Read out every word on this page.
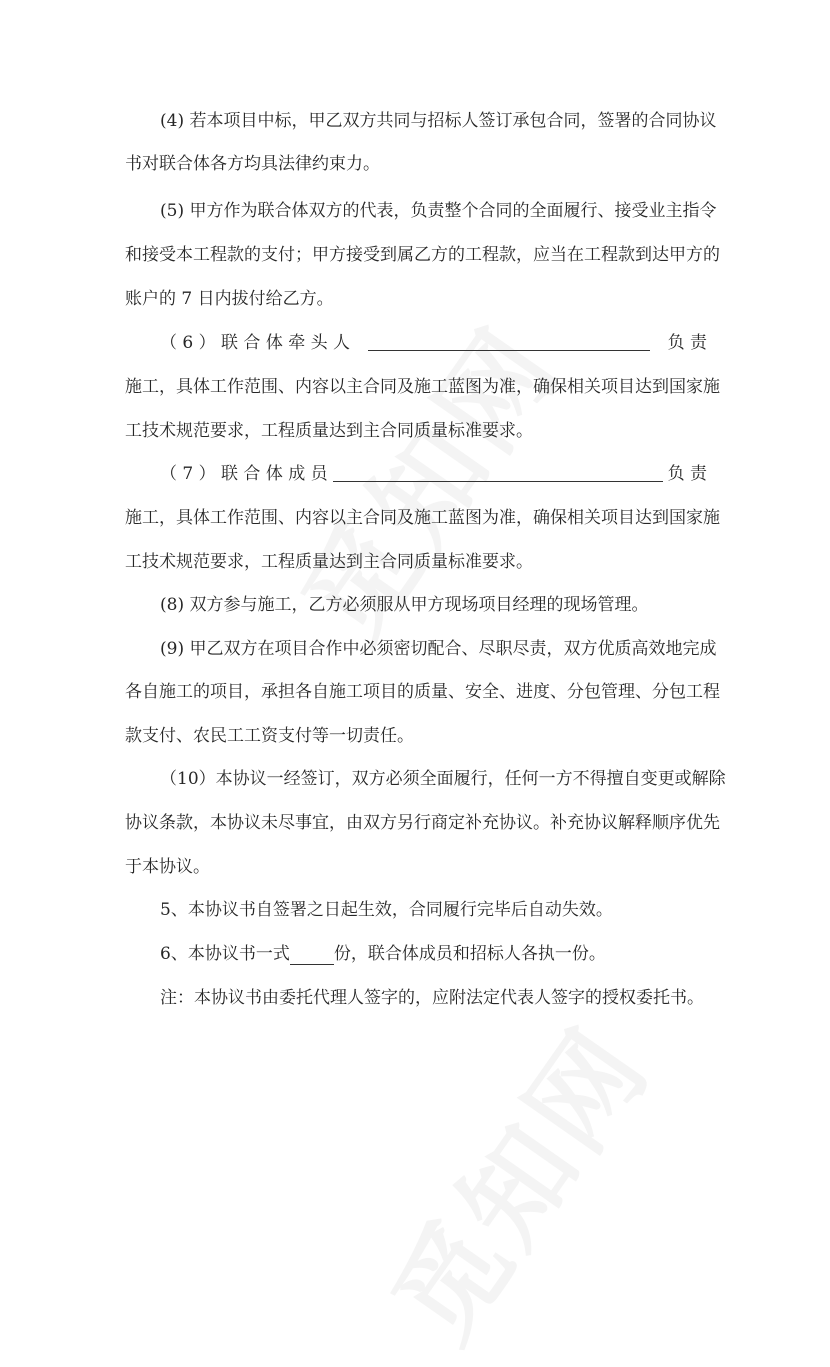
(4) 若本项目中标，甲乙双方共同与招标人签订承包合同，签署的合同协议
书对联合体各方均具法律约束力。
(5) 甲方作为联合体双方的代表，负责整个合同的全面履行、接受业主指令
和接受本工程款的支付；甲方接受到属乙方的工程款，应当在工程款到达甲方的
账户的 7 日内拔付给乙方。
（ 6 ） 联 合 体 牵 头 人	负 责
施工，具体工作范围、内容以主合同及施工蓝图为准，确保相关项目达到国家施
工技术规范要求，工程质量达到主合同质量标准要求。
（ 7 ） 联 合 体 成 员	负 责
施工，具体工作范围、内容以主合同及施工蓝图为准，确保相关项目达到国家施
工技术规范要求，工程质量达到主合同质量标准要求。
(8) 双方参与施工，乙方必须服从甲方现场项目经理的现场管理。
(9) 甲乙双方在项目合作中必须密切配合、尽职尽责，双方优质高效地完成
各自施工的项目，承担各自施工项目的质量、安全、进度、分包管理、分包工程
款支付、农民工工资支付等一切责任。
（10）本协议一经签订，双方必须全面履行，任何一方不得擅自变更或解除
协议条款，本协议未尽事宜，由双方另行商定补充协议。补充协议解释顺序优先
于本协议。
5、本协议书自签署之日起生效，合同履行完毕后自动失效。
6、本协议书一式	份，联合体成员和招标人各执一份。
注：本协议书由委托代理人签字的，应附法定代表人签字的授权委托书。
